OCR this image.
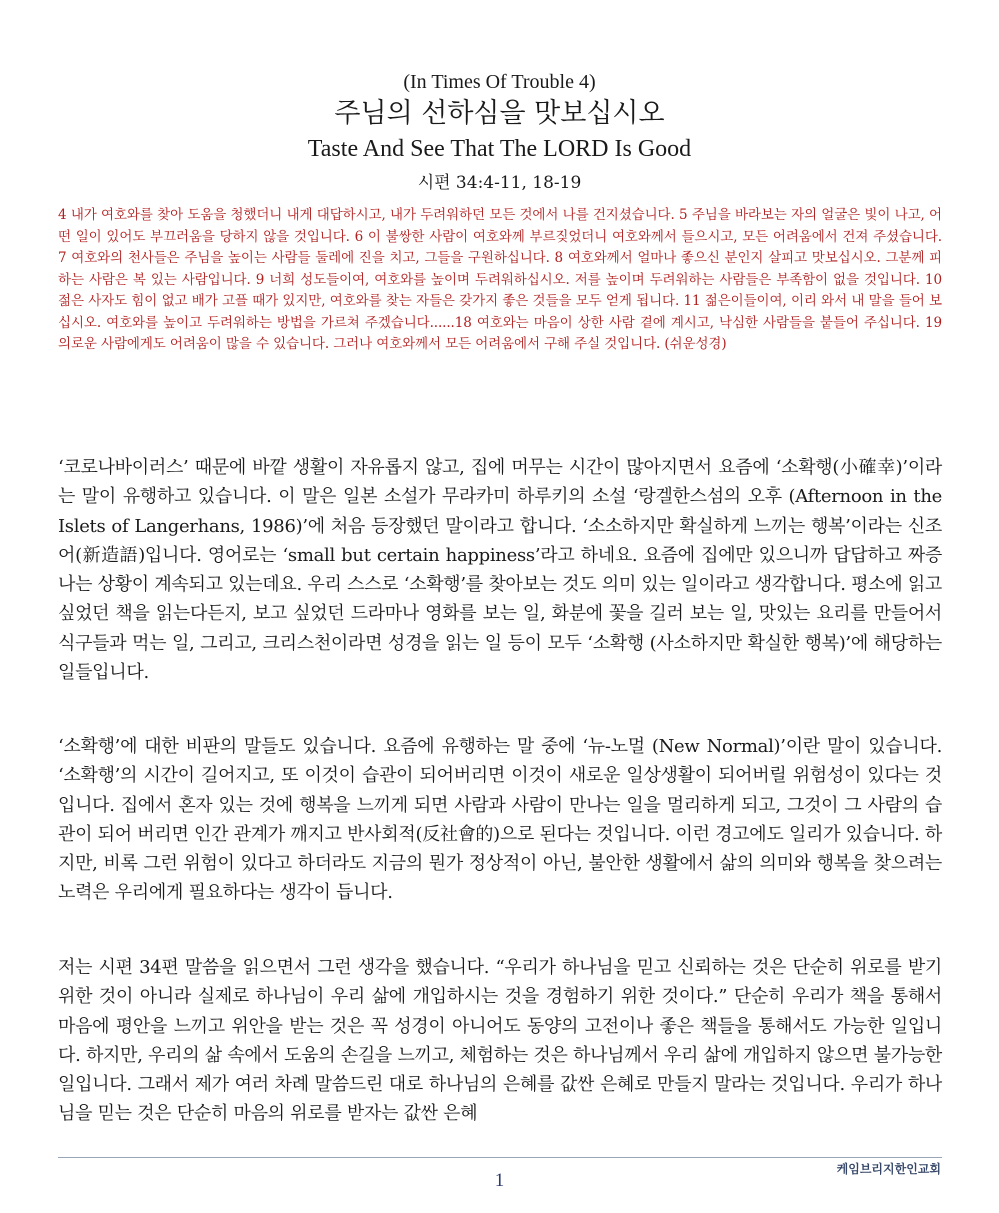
(In Times Of Trouble 4)
주님의 선하심을 맛보십시오
Taste And See That The LORD Is Good
시편 34:4-11, 18-19
4 내가 여호와를 찾아 도움을 청했더니 내게 대답하시고, 내가 두려워하던 모든 것에서 나를 건지셨습니다. 5 주님을 바라보는 자의 얼굴은 빛이 나고, 어떤 일이 있어도 부끄러움을 당하지 않을 것입니다. 6 이 불쌍한 사람이 여호와께 부르짖었더니 여호와께서 들으시고, 모든 어려움에서 건져 주셨습니다. 7 여호와의 천사들은 주님을 높이는 사람들 둘레에 진을 치고, 그들을 구원하십니다. 8 여호와께서 얼마나 좋으신 분인지 살피고 맛보십시오. 그분께 피하는 사람은 복 있는 사람입니다. 9 너희 성도들이여, 여호와를 높이며 두려워하십시오. 저를 높이며 두려워하는 사람들은 부족함이 없을 것입니다. 10 젊은 사자도 힘이 없고 배가 고플 때가 있지만, 여호와를 찾는 자들은 갖가지 좋은 것들을 모두 얻게 됩니다. 11 젊은이들이여, 이리 와서 내 말을 들어 보십시오. 여호와를 높이고 두려워하는 방법을 가르쳐 주겠습니다......18 여호와는 마음이 상한 사람 곁에 계시고, 낙심한 사람들을 붙들어 주십니다. 19 의로운 사람에게도 어려움이 많을 수 있습니다. 그러나 여호와께서 모든 어려움에서 구해 주실 것입니다. (쉬운성경)
‘코로나바이러스’ 때문에 바깥 생활이 자유롭지 않고, 집에 머무는 시간이 많아지면서 요즘에 ‘소확행(小確幸)’이라는 말이 유행하고 있습니다. 이 말은 일본 소설가 무라카미 하루키의 소설 ‘랑겔한스섬의 오후 (Afternoon in the Islets of Langerhans, 1986)’에 처음 등장했던 말이라고 합니다. ‘소소하지만 확실하게 느끼는 행복’이라는 신조어(新造語)입니다. 영어로는 ‘small but certain happiness’라고 하네요. 요즘에 집에만 있으니까 답답하고 짜증나는 상황이 계속되고 있는데요. 우리 스스로 ‘소확행’를 찾아보는 것도 의미 있는 일이라고 생각합니다. 평소에 읽고 싶었던 책을 읽는다든지, 보고 싶었던 드라마나 영화를 보는 일, 화분에 꽃을 길러 보는 일, 맛있는 요리를 만들어서 식구들과 먹는 일, 그리고, 크리스천이라면 성경을 읽는 일 등이 모두 ‘소확행 (사소하지만 확실한 행복)’에 해당하는 일들입니다.
‘소확행’에 대한 비판의 말들도 있습니다. 요즘에 유행하는 말 중에 ‘뉴-노멀 (New Normal)’이란 말이 있습니다. ‘소확행’의 시간이 길어지고, 또 이것이 습관이 되어버리면 이것이 새로운 일상생활이 되어버릴 위험성이 있다는 것입니다. 집에서 혼자 있는 것에 행복을 느끼게 되면 사람과 사람이 만나는 일을 멀리하게 되고, 그것이 그 사람의 습관이 되어 버리면 인간 관계가 깨지고 반사회적(反社會的)으로 된다는 것입니다. 이런 경고에도 일리가 있습니다. 하지만, 비록 그런 위험이 있다고 하더라도 지금의 뭔가 정상적이 아닌, 불안한 생활에서 삶의 의미와 행복을 찾으려는 노력은 우리에게 필요하다는 생각이 듭니다.
저는 시편 34편 말씀을 읽으면서 그런 생각을 했습니다. “우리가 하나님을 믿고 신뢰하는 것은 단순히 위로를 받기 위한 것이 아니라 실제로 하나님이 우리 삶에 개입하시는 것을 경험하기 위한 것이다.” 단순히 우리가 책을 통해서 마음에 평안을 느끼고 위안을 받는 것은 꼭 성경이 아니어도 동양의 고전이나 좋은 책들을 통해서도 가능한 일입니다. 하지만, 우리의 삶 속에서 도움의 손길을 느끼고, 체험하는 것은 하나님께서 우리 삶에 개입하지 않으면 불가능한 일입니다. 그래서 제가 여러 차례 말씀드린 대로 하나님의 은혜를 값싼 은혜로 만들지 말라는 것입니다. 우리가 하나님을 믿는 것은 단순히 마음의 위로를 받자는 값싼 은혜
케임브리지한인교회
1
